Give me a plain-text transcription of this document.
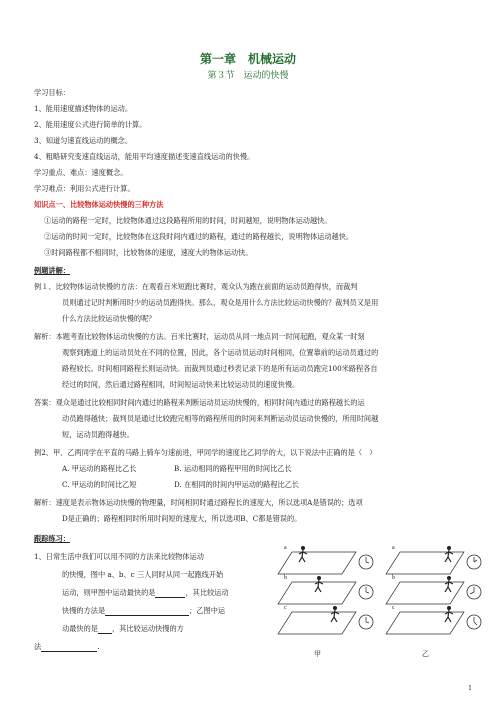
第一章　机械运动
第３节　运动的快慢
学习目标：
1、能用速度描述物体的运动。
2、能用速度公式进行简单的计算。
3、知道匀速直线运动的概念。
4、粗略研究变速直线运动，能用平均速度描述变速直线运动的快慢。
学习重点、难点：速度概念。
学习难点：利用公式进行计算。
知识点一、比较物体运动快慢的三种方法
①运动的路程一定时，比较物体通过这段路程所用的时间，时间越短，说明物体运动越快。
②运动的时间一定时，比较物体在这段时间内通过的路程，通过的路程越长，说明物体运动越快。
③时间路程都不相同时，比较物体的速度，速度大的物体运动快。
例题讲解：
例１、比较物体运动快慢的方法：在观看百米短跑比赛时，观众认为跑在前面的运动员跑得快，而裁判
员则通过记时判断用时少的运动员跑得快。那么，观众是用什么方法比较运动快慢的？裁判员又是用
什么方法比较运动快慢的呢？
解析：本题考查比较物体运动快慢的方法。百米比赛时，运动员从同一地点同一时间起跑，观众某一时刻
观察到跑道上的运动员处在不同的位置，因此，各个运动员运动时间相同，位置靠前的运动员通过的
路程较长。时间相同路程长则运动快。而裁判员通过秒表记录下的是所有运动员跑完100米路程各自
经过的时间，然后通过路程相同，时间短运动快来比较运动员的速度快慢。
答案：观众是通过比较相同时间内通过的路程来判断运动员运动快慢的，相同时间内通过的路程越长的运
动员跑得越快；裁判员是通过比较跑完相等的路程所用的时间来判断运动员运动快慢的，所用时间越
短，运动员跑得越快。
例2、甲、乙两同学在平直的马路上骑车匀速前进，甲同学的速度比乙同学的大，以下说法中正确的是（　）
A. 甲运动的路程比乙长	B. 运动相同的路程甲用的时间比乙长
C. 甲运动的时间比乙短	D. 在相同的时间内甲运动的路程比乙长
解析：速度是表示物体运动快慢的物理量，时间相同时通过路程长的速度大，所以选项A是错误的；选项
D是正确的；路程相同时所用时间短的速度大，所以选项B、C都是错误的。
跟踪练习：
1、日常生活中我们可以用不同的方法来比较物体运动
的快慢，图中 a、b、c 三人同时从同一起跑线开始
运动，则甲图中运动最快的是	，其比较运动
快慢的方法是	；乙图中运
动最快的是 ，其比较运动快慢的方
法	.
a
b
c
a
b
c
甲	乙
1
